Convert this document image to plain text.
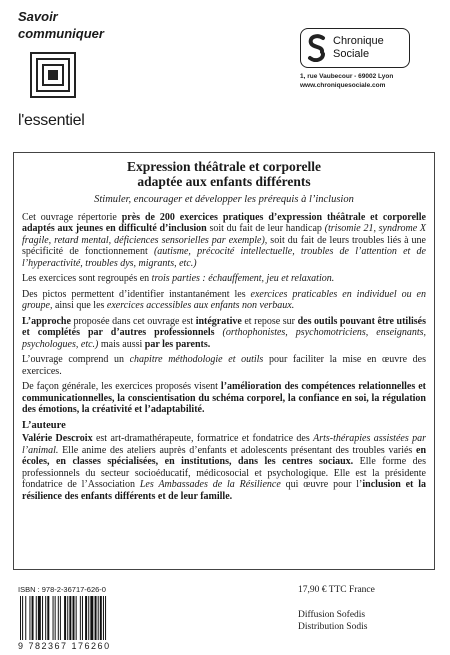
Savoir
communiquer
l'essentiel
Chronique
Sociale
1, rue Vaubecour - 69002 Lyon
www.chroniquesociale.com
Expression théâtrale et corporelle
adaptée aux enfants différents
Stimuler, encourager et développer les prérequis à l’inclusion

Cet ouvrage répertorie près de 200 exercices pratiques d’expression théâtrale et corporelle adaptés aux jeunes en difficulté d’inclusion soit du fait de leur handicap (trisomie 21, syndrome X fragile, retard mental, déficiences sensorielles par exemple), soit du fait de leurs troubles liés à une spécificité de fonctionnement (autisme, précocité intellectuelle, troubles de l’attention et de l’hyperactivité, troubles dys, migrants, etc.)

Les exercices sont regroupés en trois parties : échauffement, jeu et relaxation.

Des pictos permettent d’identifier instantanément les exercices praticables en individuel ou en groupe, ainsi que les exercices accessibles aux enfants non verbaux.

L’approche proposée dans cet ouvrage est intégrative et repose sur des outils pouvant être utilisés et complétés par d’autres professionnels (orthophonistes, psychomotriciens, enseignants, psychologues, etc.) mais aussi par les parents.

L’ouvrage comprend un chapitre méthodologie et outils pour faciliter la mise en œuvre des exercices.

De façon générale, les exercices proposés visent l’amélioration des compétences relationnelles et communicationnelles, la conscientisation du schéma corporel, la confiance en soi, la régulation des émotions, la créativité et l’adaptabilité.

L’auteure

Valérie Descroix est art-dramathérapeute, formatrice et fondatrice des Arts-thérapies assistées par l’animal. Elle anime des ateliers auprès d’enfants et adolescents présentant des troubles variés en écoles, en classes spécialisées, en institutions, dans les centres sociaux. Elle forme des professionnels du secteur socioéducatif, médicosocial et psychologique. Elle est la présidente fondatrice de l’Association Les Ambassades de la Résilience qui œuvre pour l’inclusion et la résilience des enfants différents et de leur famille.

ISBN : 978-2-36717-626-0
9 782367 176260
17,90 € TTC France
Diffusion Sofedis
Distribution Sodis
